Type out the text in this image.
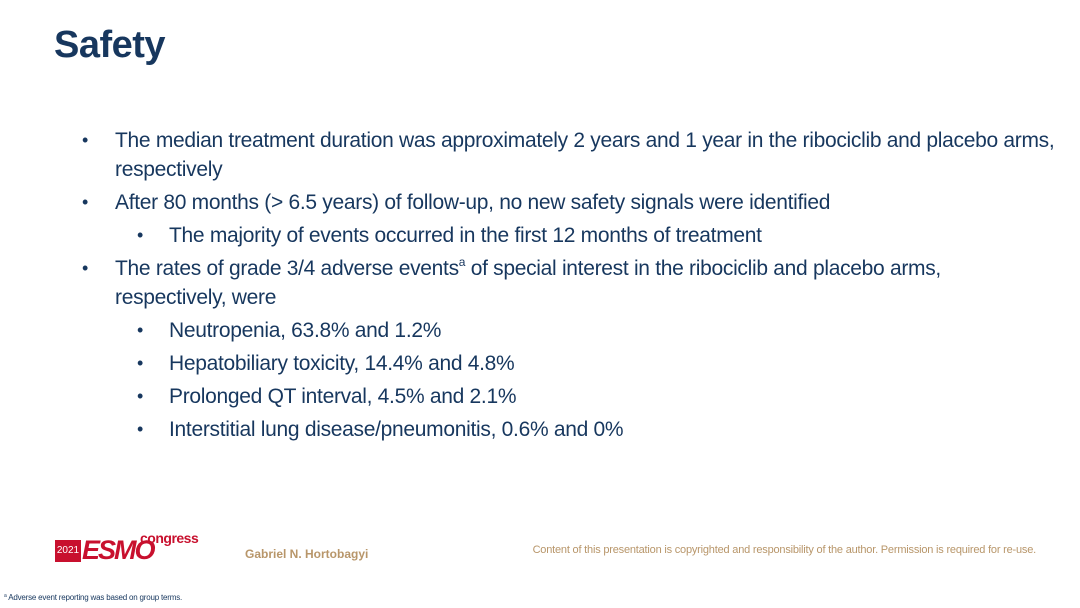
Safety
• The median treatment duration was approximately 2 years and 1 year in the ribociclib and placebo arms,
respectively
• After 80 months (> 6.5 years) of follow-up, no new safety signals were identified
• The majority of events occurred in the first 12 months of treatment
• The rates of grade 3/4 adverse events$^a$ of special interest in the ribociclib and placebo arms,
respectively, were
• Neutropenia, 63.8% and 1.2%
• Hepatobiliary toxicity, 14.4% and 4.8%
• Prolonged QT interval, 4.5% and 2.1%
• Interstitial lung disease/pneumonitis, 0.6% and 0%
2021 ESMO
congress
Gabriel N. Hortobagyi	Content of this presentation is copyrighted and responsibility of the author. Permission is required for re-use.
$^a$ Adverse event reporting was based on group terms.
